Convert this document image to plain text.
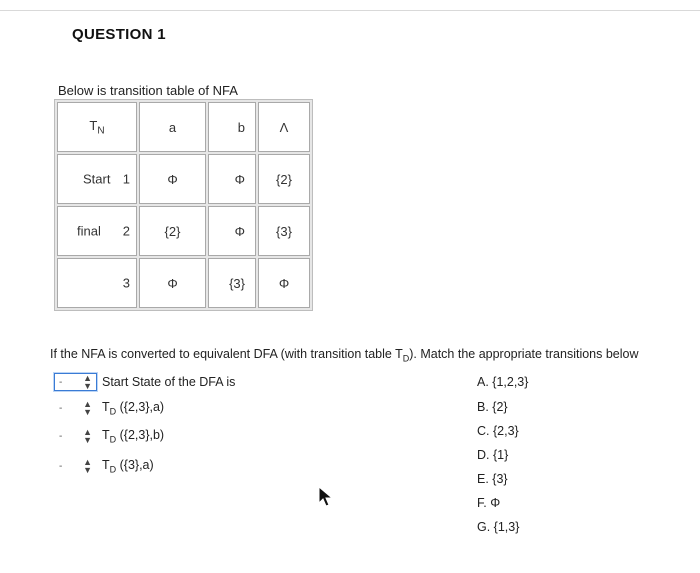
QUESTION 1
Below is transition table of NFA
$T_N$	a	b	Λ

Start 1	Φ	Φ	{2}

final 2	{2}	Φ	{3}

3	Φ	{3}	Φ
If the NFA is converted to equivalent DFA (with transition table $T_D$). Match the appropriate transitions below
- ▲
▼ Start State of the DFA is
- ▲
▼ $T_D$ ({2,3},a)
- ▲
▼ $T_D$ ({2,3},b)
- ▲
▼ $T_D$ ({3},a)
A. {1,2,3}
B. {2}
C. {2,3}
D. {1}
E. {3}
F. Φ
G. {1,3}
